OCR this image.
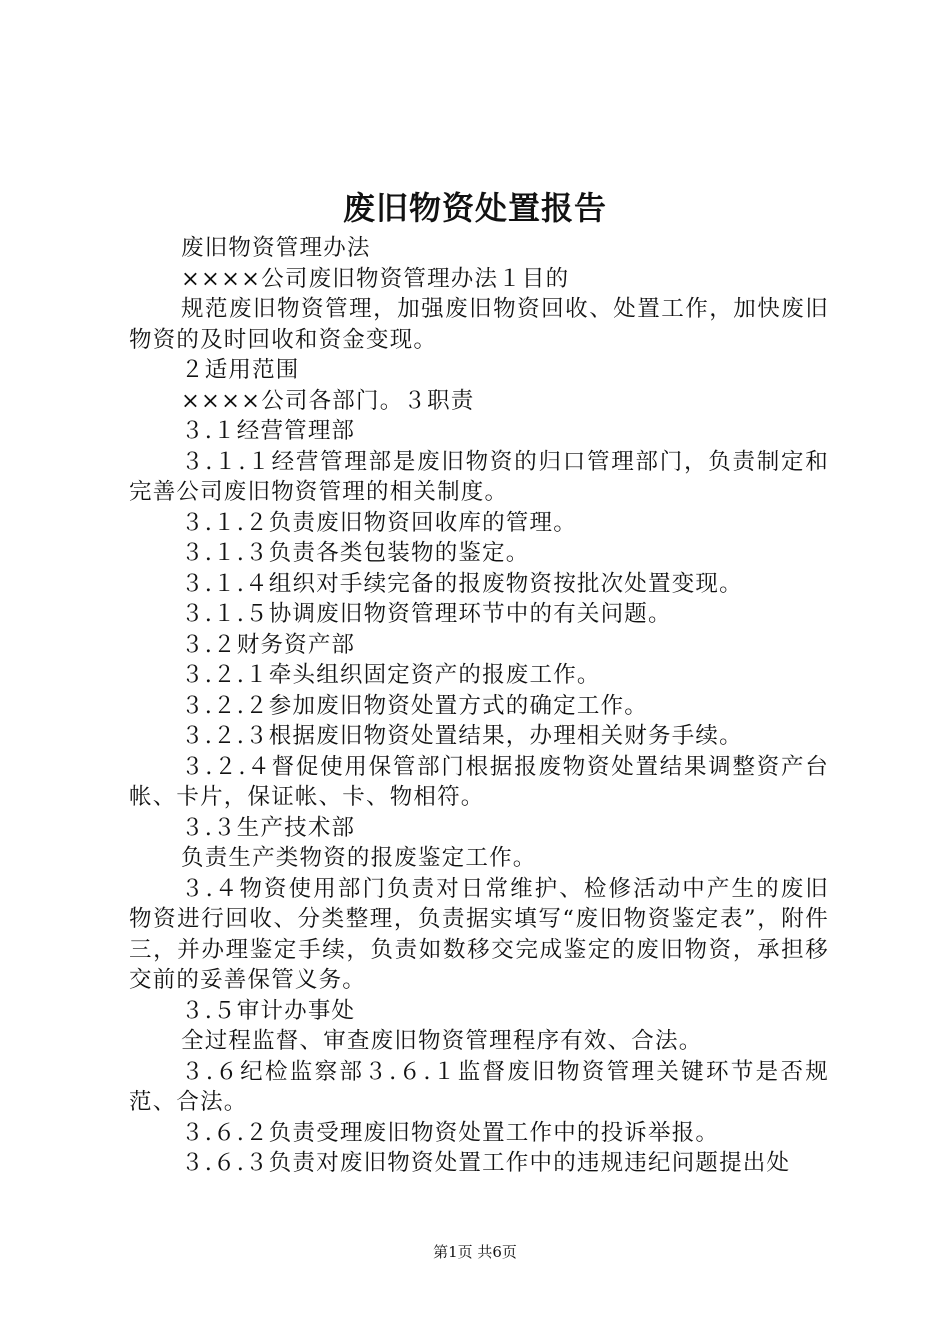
废旧物资处置报告

废旧物资管理办法

××××公司废旧物资管理办法１目的

规范废旧物资管理，加强废旧物资回收、处置工作，加快废旧物资的及时回收和资金变现。

２适用范围

××××公司各部门。３职责

３.１经营管理部

３.１.１经营管理部是废旧物资的归口管理部门，负责制定和完善公司废旧物资管理的相关制度。

３.１.２负责废旧物资回收库的管理。

３.１.３负责各类包装物的鉴定。

３.１.４组织对手续完备的报废物资按批次处置变现。

３.１.５协调废旧物资管理环节中的有关问题。

３.２财务资产部

３.２.１牵头组织固定资产的报废工作。

３.２.２参加废旧物资处置方式的确定工作。

３.２.３根据废旧物资处置结果，办理相关财务手续。

３.２.４督促使用保管部门根据报废物资处置结果调整资产台帐、卡片，保证帐、卡、物相符。

３.３生产技术部

负责生产类物资的报废鉴定工作。

３.４物资使用部门负责对日常维护、检修活动中产生的废旧物资进行回收、分类整理，负责据实填写“废旧物资鉴定表”，附件三，并办理鉴定手续，负责如数移交完成鉴定的废旧物资，承担移交前的妥善保管义务。

３.５审计办事处

全过程监督、审查废旧物资管理程序有效、合法。

３.６纪检监察部３.６.１监督废旧物资管理关键环节是否规范、合法。

３.６.２负责受理废旧物资处置工作中的投诉举报。

３.６.３负责对废旧物资处置工作中的违规违纪问题提出处

第1页 共6页
